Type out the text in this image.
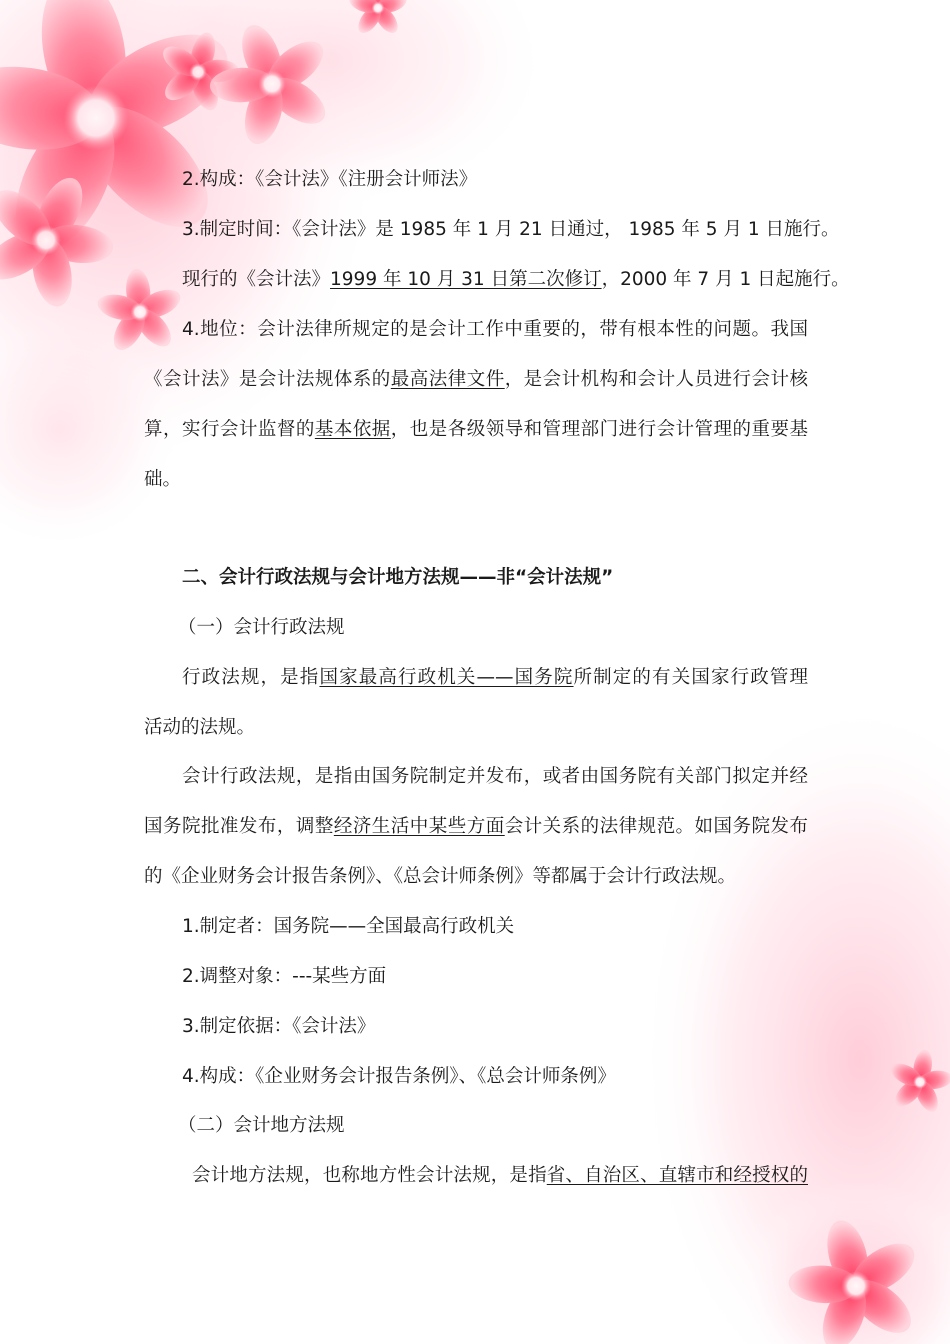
2.构成：《会计法》《注册会计师法》

3.制定时间：《会计法》是 1985 年 1 月 21 日通过， 1985 年 5 月 1 日施行。

现行的《会计法》1999 年 10 月 31 日第二次修订，2000 年 7 月 1 日起施行。

4.地位：会计法律所规定的是会计工作中重要的，带有根本性的问题。我国

《会计法》是会计法规体系的最高法律文件，是会计机构和会计人员进行会计核

算，实行会计监督的基本依据，也是各级领导和管理部门进行会计管理的重要基

础。

二、会计行政法规与会计地方法规——非“会计法规”

（一）会计行政法规

行政法规，是指国家最高行政机关——国务院所制定的有关国家行政管理

活动的法规。

会计行政法规，是指由国务院制定并发布，或者由国务院有关部门拟定并经

国务院批准发布，调整经济生活中某些方面会计关系的法律规范。如国务院发布

的《企业财务会计报告条例》、《总会计师条例》等都属于会计行政法规。

1.制定者：国务院——全国最高行政机关

2.调整对象：---某些方面

3.制定依据：《会计法》

4.构成：《企业财务会计报告条例》、《总会计师条例》

（二）会计地方法规

会计地方法规，也称地方性会计法规，是指省、自治区、直辖市和经授权的
